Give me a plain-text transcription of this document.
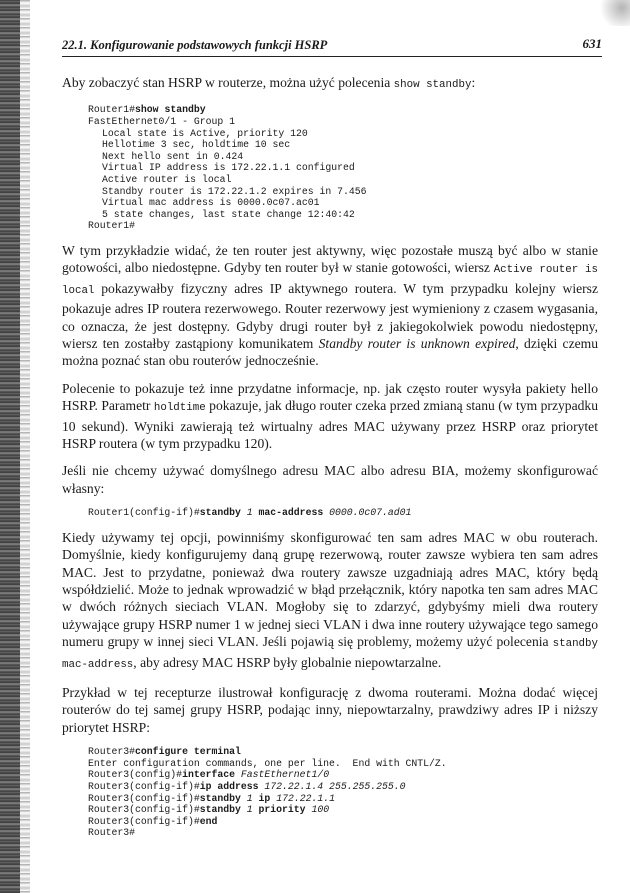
22.1. Konfigurowanie podstawowych funkcji HSRP	631

Aby zobaczyć stan HSRP w routerze, można użyć polecenia show standby:

Router1#show standby
FastEthernet0/1 - Group 1
Local state is Active, priority 120
Hellotime 3 sec, holdtime 10 sec
Next hello sent in 0.424
Virtual IP address is 172.22.1.1 configured
Active router is local
Standby router is 172.22.1.2 expires in 7.456
Virtual mac address is 0000.0c07.ac01
5 state changes, last state change 12:40:42
Router1#

W tym przykładzie widać, że ten router jest aktywny, więc pozostałe muszą być albo w stanie gotowości, albo niedostępne. Gdyby ten router był w stanie gotowości, wiersz Active router is local pokazywałby fizyczny adres IP aktywnego routera. W tym przypadku kolejny wiersz pokazuje adres IP routera rezerwowego. Router rezerwowy jest wymieniony z czasem wygasania, co oznacza, że jest dostępny. Gdyby drugi router był z jakiegokolwiek powodu niedostępny, wiersz ten zostałby zastąpiony komunikatem Standby router is unknown expired, dzięki czemu można poznać stan obu routerów jednocześnie.

Polecenie to pokazuje też inne przydatne informacje, np. jak często router wysyła pakiety hello HSRP. Parametr holdtime pokazuje, jak długo router czeka przed zmianą stanu (w tym przypadku 10 sekund). Wyniki zawierają też wirtualny adres MAC używany przez HSRP oraz priorytet HSRP routera (w tym przypadku 120).

Jeśli nie chcemy używać domyślnego adresu MAC albo adresu BIA, możemy skonfigurować własny:

Router1(config-if)#standby 1 mac-address 0000.0c07.ad01

Kiedy używamy tej opcji, powinniśmy skonfigurować ten sam adres MAC w obu routerach. Domyślnie, kiedy konfigurujemy daną grupę rezerwową, router zawsze wybiera ten sam adres MAC. Jest to przydatne, ponieważ dwa routery zawsze uzgadniają adres MAC, który będą współdzielić. Może to jednak wprowadzić w błąd przełącznik, który napotka ten sam adres MAC w dwóch różnych sieciach VLAN. Mogłoby się to zdarzyć, gdybyśmy mieli dwa routery używające grupy HSRP numer 1 w jednej sieci VLAN i dwa inne routery używające tego samego numeru grupy w innej sieci VLAN. Jeśli pojawią się problemy, możemy użyć polecenia standby mac-address, aby adresy MAC HSRP były globalnie niepowtarzalne.

Przykład w tej recepturze ilustrował konfigurację z dwoma routerami. Można dodać więcej routerów do tej samej grupy HSRP, podając inny, niepowtarzalny, prawdziwy adres IP i niższy priorytet HSRP:

Router3#configure terminal
Enter configuration commands, one per line.  End with CNTL/Z.
Router3(config)#interface FastEthernet1/0
Router3(config-if)#ip address 172.22.1.4 255.255.255.0
Router3(config-if)#standby 1 ip 172.22.1.1
Router3(config-if)#standby 1 priority 100
Router3(config-if)#end
Router3#
